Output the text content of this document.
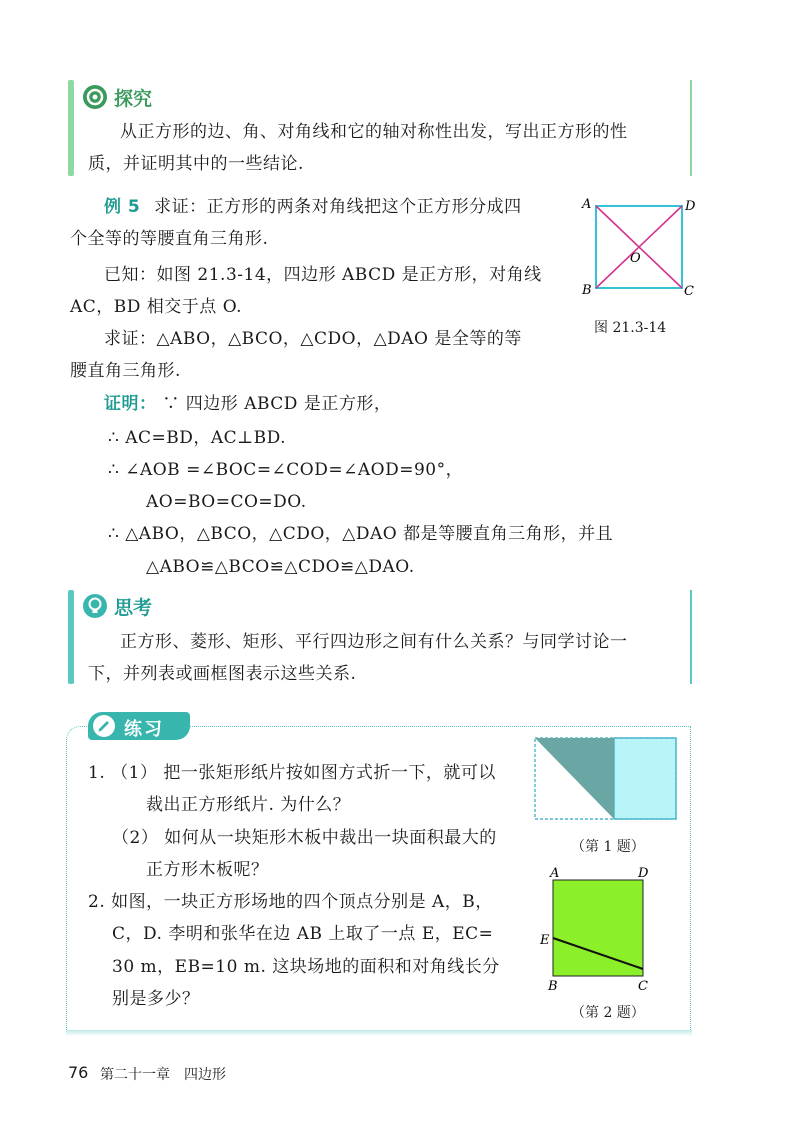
探究
从正方形的边、角、对角线和它的轴对称性出发，写出正方形的性
质，并证明其中的一些结论.
例 5 求证：正方形的两条对角线把这个正方形分成四
个全等的等腰直角三角形.
已知：如图 21.3-14，四边形 ABCD 是正方形，对角线
AC，BD 相交于点 O.
求证：△ABO，△BCO，△CDO，△DAO 是全等的等
腰直角三角形.
证明： ∵ 四边形 ABCD 是正方形，
∴ AC=BD，AC⊥BD.
∴ ∠AOB =∠BOC=∠COD=∠AOD=90°，
AO=BO=CO=DO.
∴ △ABO，△BCO，△CDO，△DAO 都是等腰直角三角形，并且
△ABO≌△BCO≌△CDO≌△DAO.
A	D
B	C
O
图 21.3-14
思考
正方形、菱形、矩形、平行四边形之间有什么关系？与同学讨论一
下，并列表或画框图表示这些关系.
练习
1. （1） 把一张矩形纸片按如图方式折一下，就可以
裁出正方形纸片. 为什么？
（2） 如何从一块矩形木板中裁出一块面积最大的
正方形木板呢？
2. 如图，一块正方形场地的四个顶点分别是 A，B，
C，D. 李明和张华在边 AB 上取了一点 E，EC=
30 m，EB=10 m. 这块场地的面积和对角线长分
别是多少？
（第 1 题）
A	D
E
B	C
（第 2 题）
76 第二十一章　四边形
